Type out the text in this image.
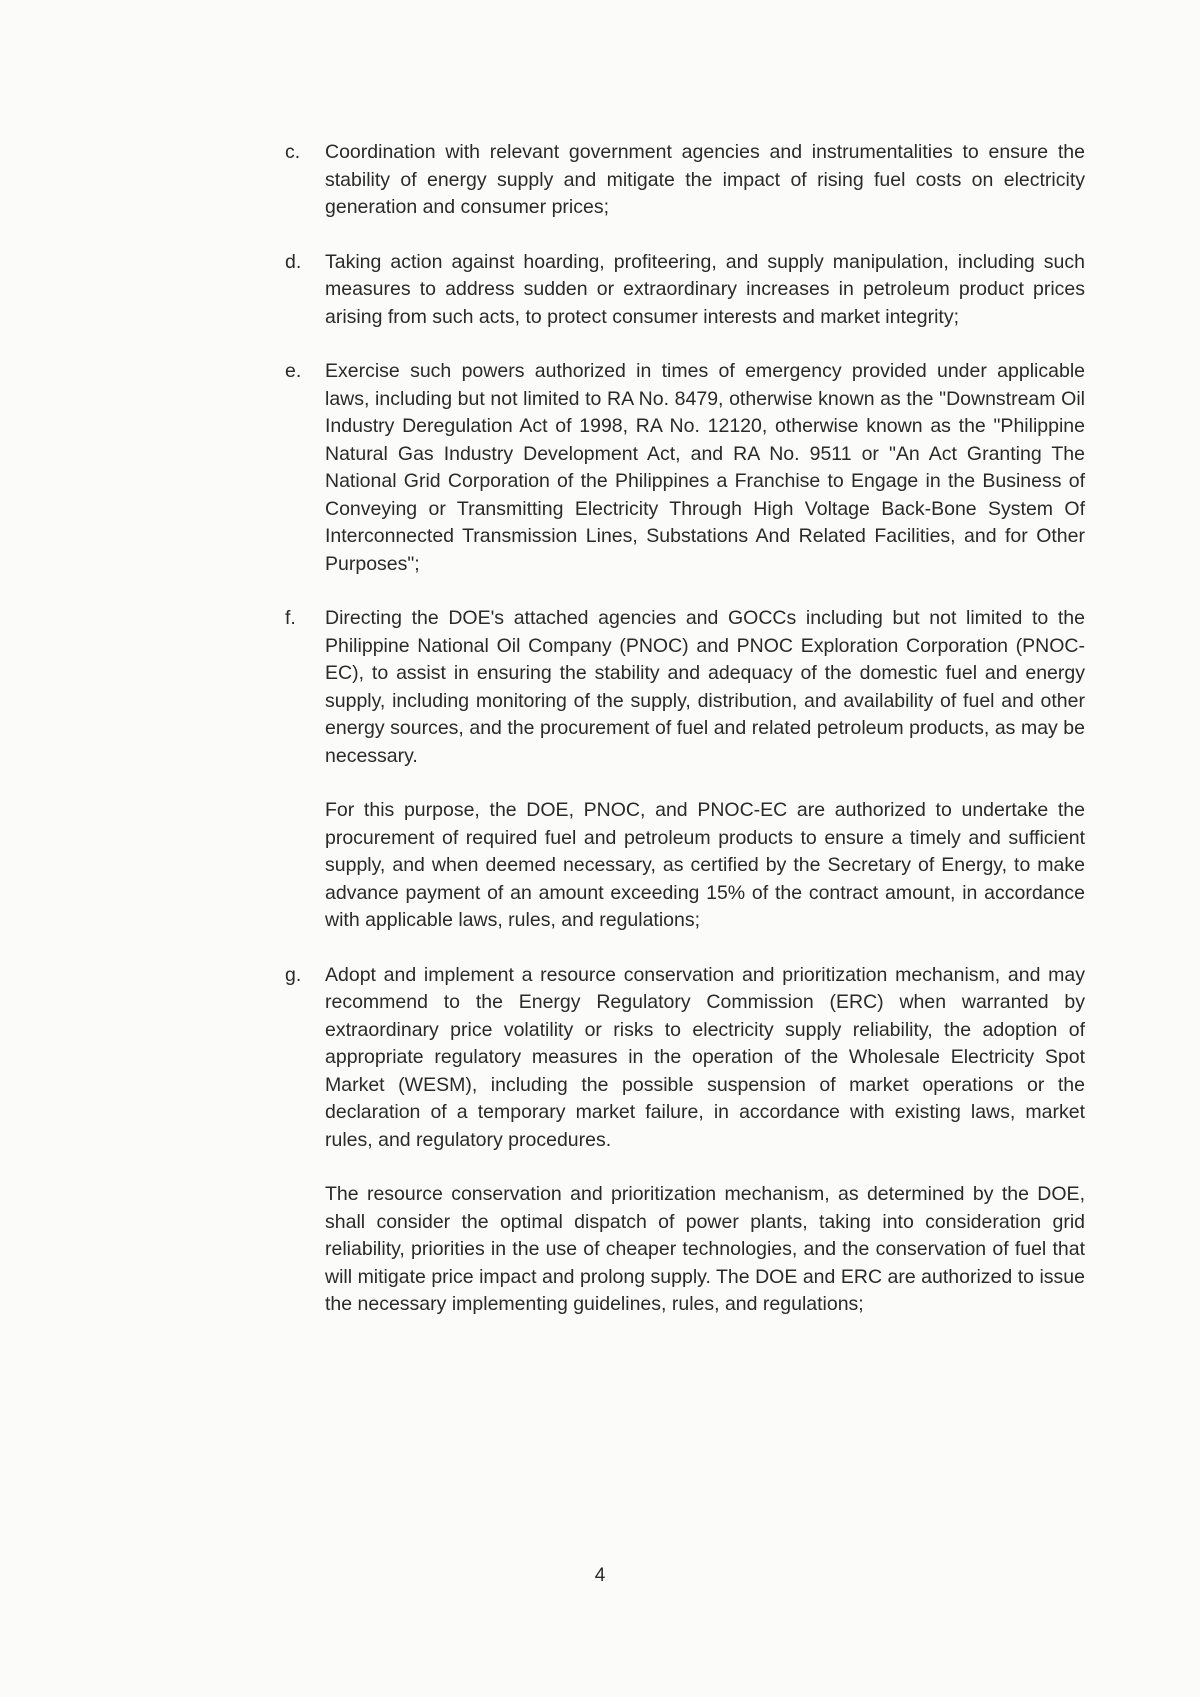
c.	Coordination with relevant government agencies and instrumentalities to ensure the stability of energy supply and mitigate the impact of rising fuel costs on electricity generation and consumer prices;

d.	Taking action against hoarding, profiteering, and supply manipulation, including such measures to address sudden or extraordinary increases in petroleum product prices arising from such acts, to protect consumer interests and market integrity;

e.	Exercise such powers authorized in times of emergency provided under applicable laws, including but not limited to RA No. 8479, otherwise known as the "Downstream Oil Industry Deregulation Act of 1998, RA No. 12120, otherwise known as the "Philippine Natural Gas Industry Development Act, and RA No. 9511 or "An Act Granting The National Grid Corporation of the Philippines a Franchise to Engage in the Business of Conveying or Transmitting Electricity Through High Voltage Back-Bone System Of Interconnected Transmission Lines, Substations And Related Facilities, and for Other Purposes";

f.	Directing the DOE's attached agencies and GOCCs including but not limited to the Philippine National Oil Company (PNOC) and PNOC Exploration Corporation (PNOC-EC), to assist in ensuring the stability and adequacy of the domestic fuel and energy supply, including monitoring of the supply, distribution, and availability of fuel and other energy sources, and the procurement of fuel and related petroleum products, as may be necessary.

For this purpose, the DOE, PNOC, and PNOC-EC are authorized to undertake the procurement of required fuel and petroleum products to ensure a timely and sufficient supply, and when deemed necessary, as certified by the Secretary of Energy, to make advance payment of an amount exceeding 15% of the contract amount, in accordance with applicable laws, rules, and regulations;

g.	Adopt and implement a resource conservation and prioritization mechanism, and may recommend to the Energy Regulatory Commission (ERC) when warranted by extraordinary price volatility or risks to electricity supply reliability, the adoption of appropriate regulatory measures in the operation of the Wholesale Electricity Spot Market (WESM), including the possible suspension of market operations or the declaration of a temporary market failure, in accordance with existing laws, market rules, and regulatory procedures.

The resource conservation and prioritization mechanism, as determined by the DOE, shall consider the optimal dispatch of power plants, taking into consideration grid reliability, priorities in the use of cheaper technologies, and the conservation of fuel that will mitigate price impact and prolong supply. The DOE and ERC are authorized to issue the necessary implementing guidelines, rules, and regulations;

4
